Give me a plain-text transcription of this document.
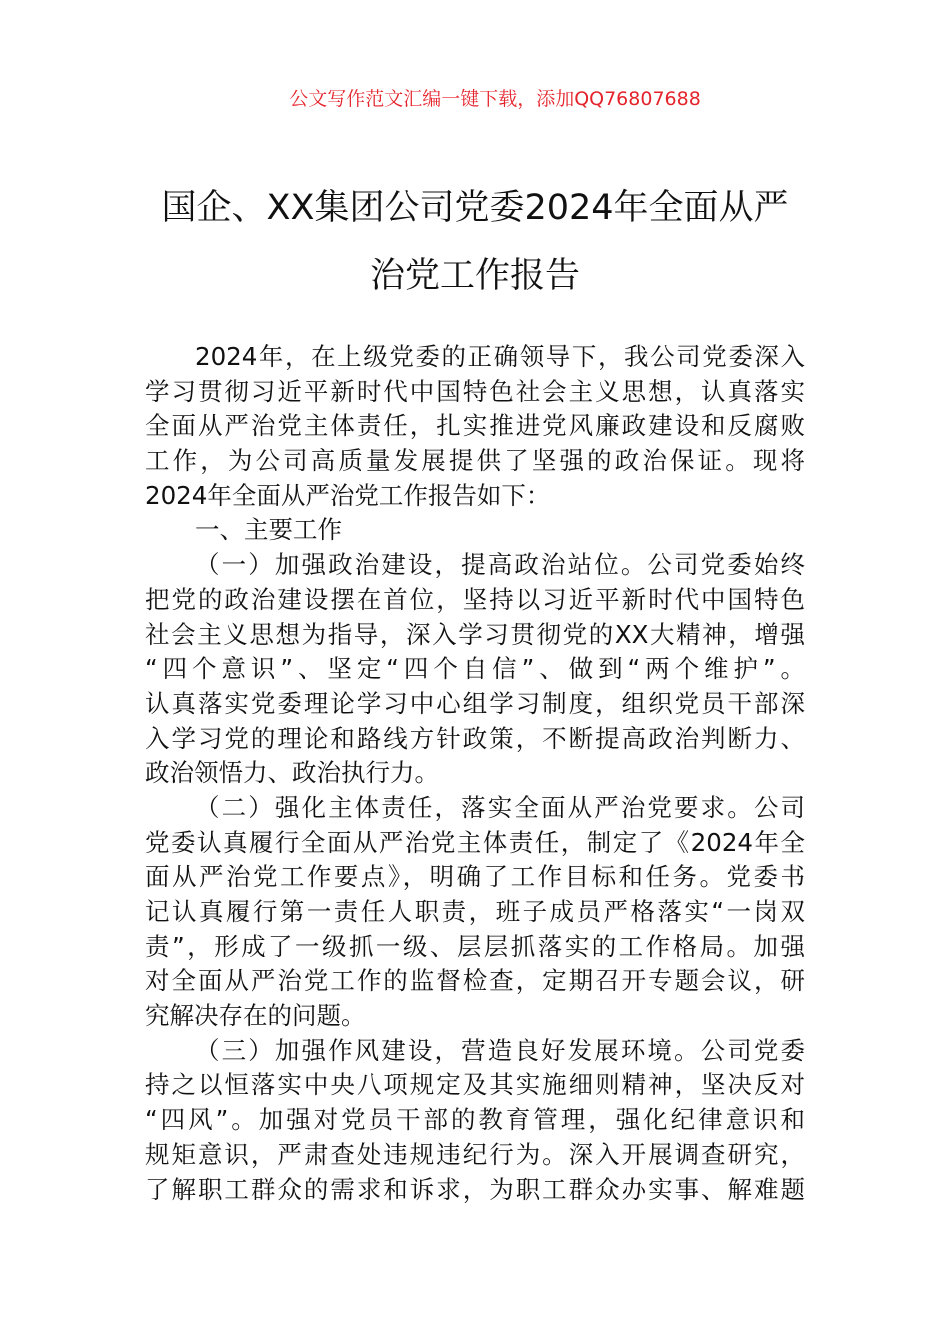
公文写作范文汇编一键下载，添加QQ76807688
国企、XX集团公司党委2024年全面从严
治党工作报告
2024年，在上级党委的正确领导下，我公司党委深入
学习贯彻习近平新时代中国特色社会主义思想，认真落实
全面从严治党主体责任，扎实推进党风廉政建设和反腐败
工作，为公司高质量发展提供了坚强的政治保证。现将
2024年全面从严治党工作报告如下：
一、主要工作
（一）加强政治建设，提高政治站位。公司党委始终
把党的政治建设摆在首位，坚持以习近平新时代中国特色
社会主义思想为指导，深入学习贯彻党的XX大精神，增强
“四个意识”、坚定“四个自信”、做到“两个维护”。
认真落实党委理论学习中心组学习制度，组织党员干部深
入学习党的理论和路线方针政策，不断提高政治判断力、
政治领悟力、政治执行力。
（二）强化主体责任，落实全面从严治党要求。公司
党委认真履行全面从严治党主体责任，制定了《2024年全
面从严治党工作要点》，明确了工作目标和任务。党委书
记认真履行第一责任人职责，班子成员严格落实“一岗双
责”，形成了一级抓一级、层层抓落实的工作格局。加强
对全面从严治党工作的监督检查，定期召开专题会议，研
究解决存在的问题。
（三）加强作风建设，营造良好发展环境。公司党委
持之以恒落实中央八项规定及其实施细则精神，坚决反对
“四风”。加强对党员干部的教育管理，强化纪律意识和
规矩意识，严肃查处违规违纪行为。深入开展调查研究，
了解职工群众的需求和诉求，为职工群众办实事、解难题
